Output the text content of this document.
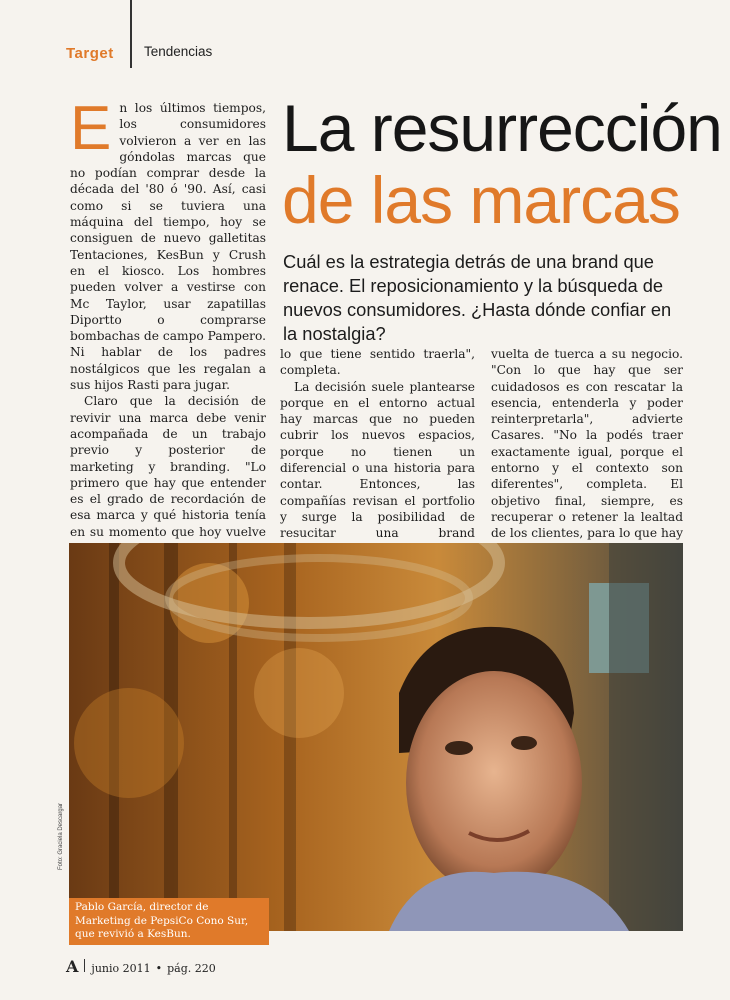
Target Tendencias
La resurrección
de las marcas
Cuál es la estrategia detrás de una brand que renace. El reposicionamiento y la búsqueda de nuevos consumidores. ¿Hasta dónde confiar en la nostalgia?

En los últimos tiempos, los consumidores volvieron a ver en las góndolas marcas que no podían comprar desde la década del '80 ó '90. Así, casi como si se tuviera una máquina del tiempo, hoy se consiguen de nuevo galletitas Tentaciones, KesBun y Crush en el kiosco. Los hombres pueden volver a vestirse con Mc Taylor, usar zapatillas Diportto o comprarse bombachas de campo Pampero. Ni hablar de los padres nostálgicos que les regalan a sus hijos Rasti para jugar.

Claro que la decisión de revivir una marca debe venir acompañada de un trabajo previo y posterior de marketing y branding. "Lo primero que hay que entender es el grado de recordación de esa marca y qué historia tenía en su momento que hoy vuelve

lo que tiene sentido traerla", completa.

La decisión suele plantearse porque en el entorno actual hay marcas que no pueden cubrir los nuevos espacios, porque no tienen un diferencial o una historia para contar. Entonces, las compañías revisan el portfolio y surge la posibilidad de resucitar una brand

vuelta de tuerca a su negocio. "Con lo que hay que ser cuidadosos es con rescatar la esencia, entenderla y poder reinterpretarla", advierte Casares. "No la podés traer exactamente igual, porque el entorno y el contexto son diferentes", completa. El objetivo final, siempre, es recuperar o retener la lealtad de los clientes, para lo que hay

Pablo García, director de Marketing de PepsiCo Cono Sur, que revivió a KesBun.
Foto: Graciela Descargar
A junio 2011 • pág. 220
